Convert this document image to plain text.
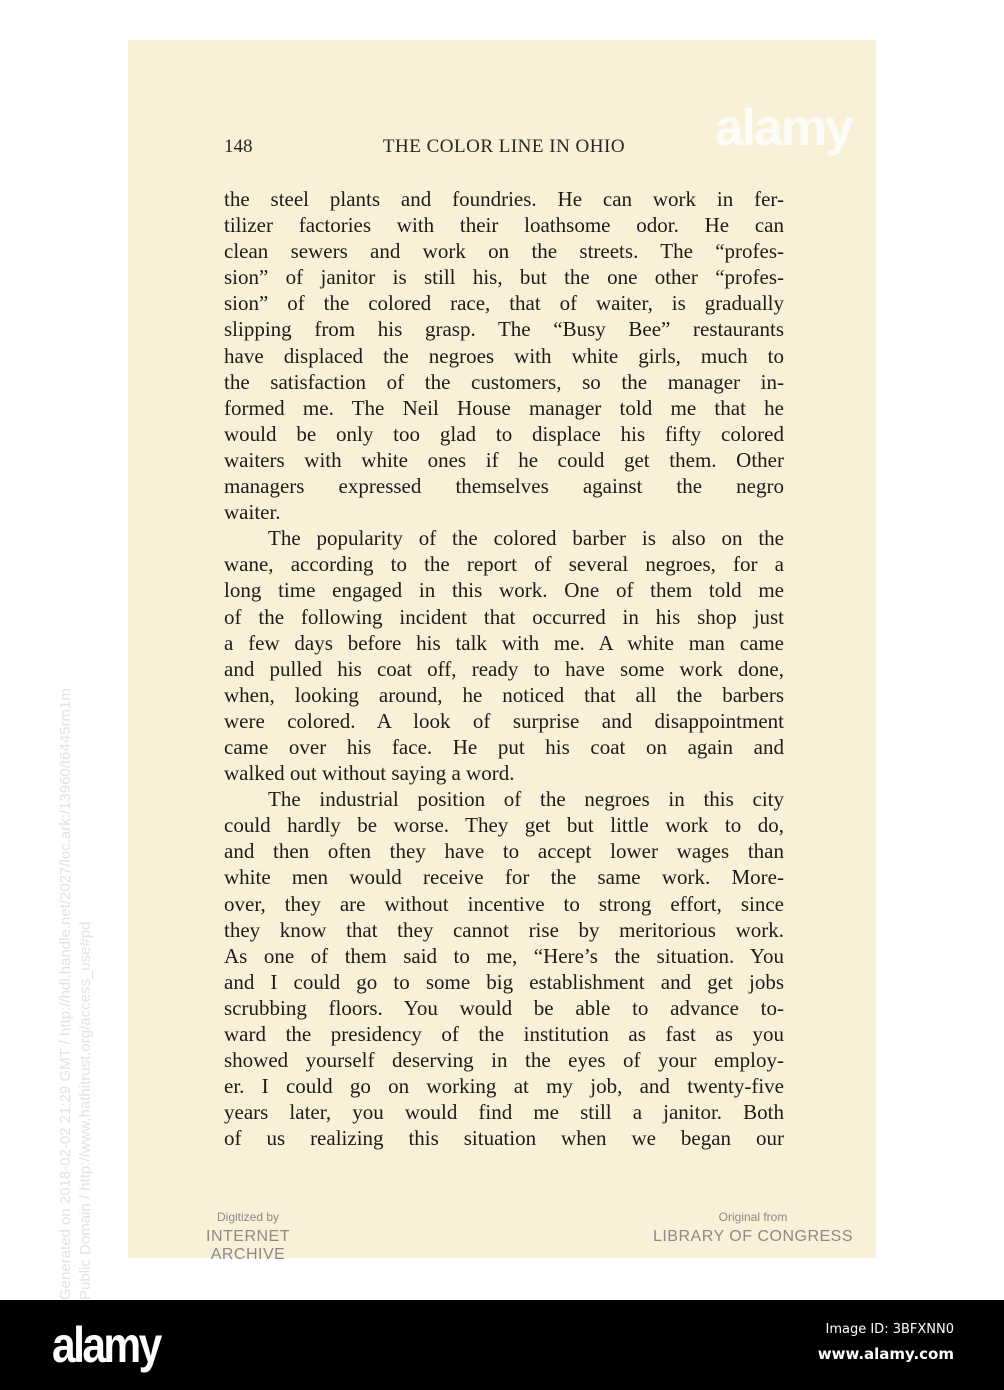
alamy
148	THE COLOR LINE IN OHIO
the steel plants and foundries. He can work in fer-
tilizer factories with their loathsome odor. He can
clean sewers and work on the streets. The “profes-
sion” of janitor is still his, but the one other “profes-
sion” of the colored race, that of waiter, is gradually
slipping from his grasp. The “Busy Bee” restaurants
have displaced the negroes with white girls, much to
the satisfaction of the customers, so the manager in-
formed me. The Neil House manager told me that he
would be only too glad to displace his fifty colored
waiters with white ones if he could get them. Other
managers expressed themselves against the negro
waiter.
The popularity of the colored barber is also on the
wane, according to the report of several negroes, for a
long time engaged in this work. One of them told me
of the following incident that occurred in his shop just
a few days before his talk with me. A white man came
and pulled his coat off, ready to have some work done,
when, looking around, he noticed that all the barbers
were colored. A look of surprise and disappointment
came over his face. He put his coat on again and
walked out without saying a word.
The industrial position of the negroes in this city
could hardly be worse. They get but little work to do,
and then often they have to accept lower wages than
white men would receive for the same work. More-
over, they are without incentive to strong effort, since
they know that they cannot rise by meritorious work.
As one of them said to me, “Here’s the situation. You
and I could go to some big establishment and get jobs
scrubbing floors. You would be able to advance to-
ward the presidency of the institution as fast as you
showed yourself deserving in the eyes of your employ-
er. I could go on working at my job, and twenty-five
years later, you would find me still a janitor. Both
of us realizing this situation when we began our
Digitized by
INTERNET ARCHIVE
Original from
LIBRARY OF CONGRESS
Generated on 2018-02-02 21:29 GMT / http://hdl.handle.net/2027/loc.ark:/13960/t6445rm1m Public Domain / http://www.hathitrust.org/access_use#pd
alamy	Image ID: 3BFXNN0
www.alamy.com
